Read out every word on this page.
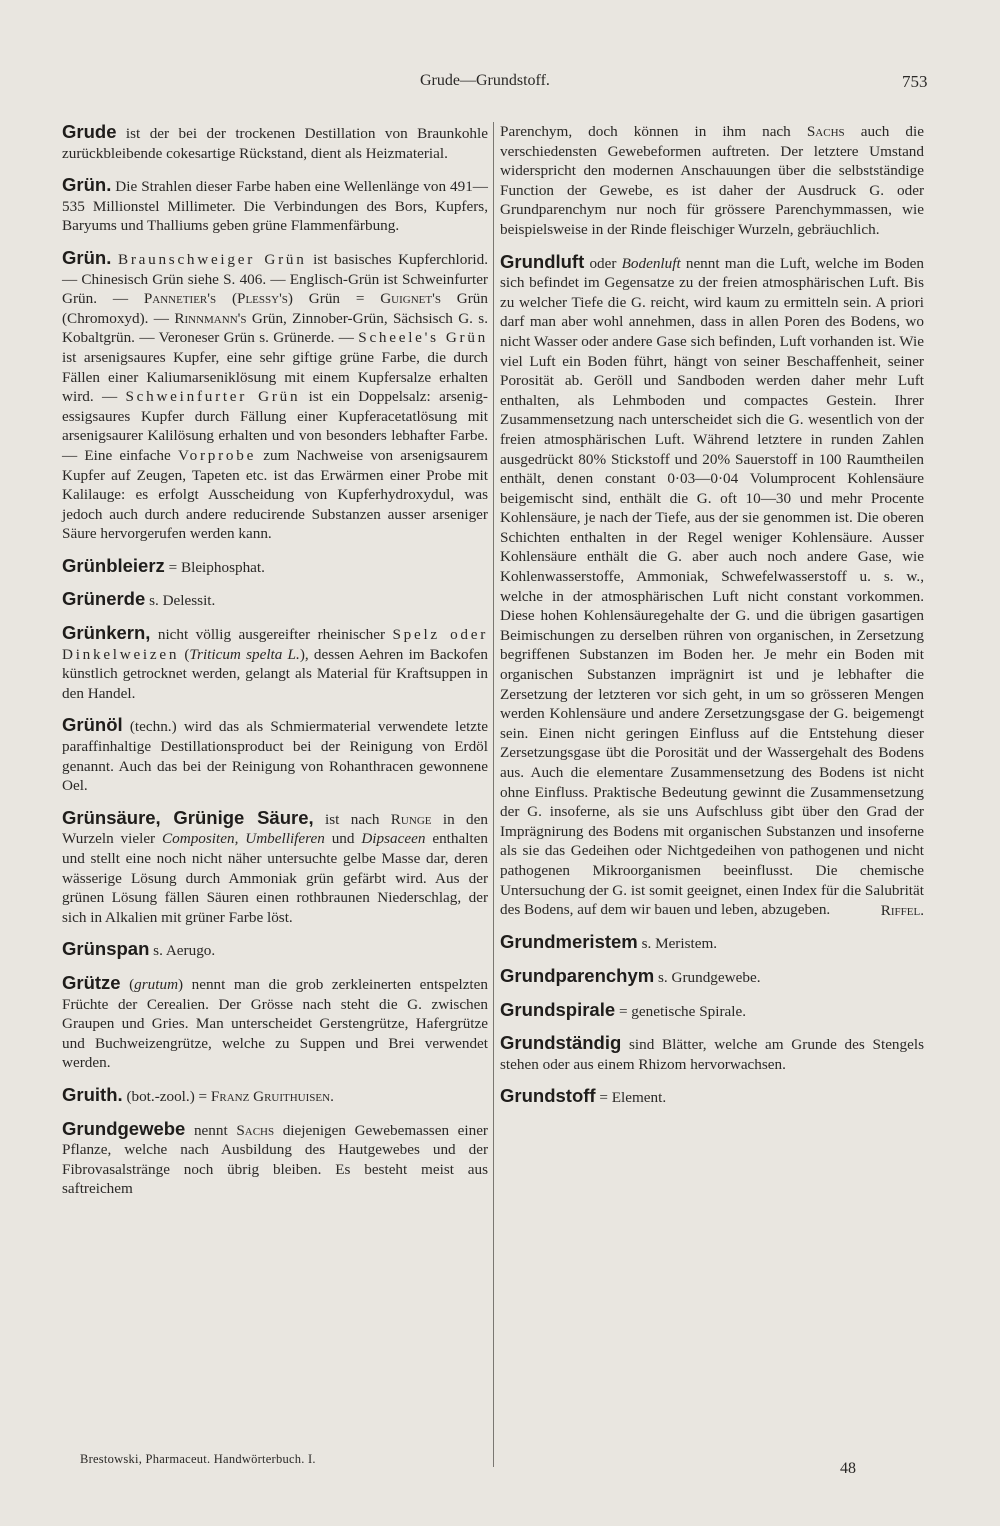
Grude—Grundstoff.	753

Grude ist der bei der trockenen Destillation von Braunkohle zurückbleibende cokesartige Rückstand, dient als Heizmaterial.

Grün. Die Strahlen dieser Farbe haben eine Wellenlänge von 491—535 Millionstel Millimeter. Die Verbindungen des Bors, Kupfers, Baryums und Thalliums geben grüne Flammenfärbung.

Grün. Braunschweiger Grün ist basisches Kupferchlorid. — Chinesisch Grün siehe S. 406. — Englisch-Grün ist Schweinfurter Grün. — Pannetier's (Plessy's) Grün = Guignet's Grün (Chromoxyd). — Rinnmann's Grün, Zinnober-Grün, Sächsisch G. s. Kobaltgrün. — Veroneser Grün s. Grünerde. — Scheele's Grün ist arsenigsaures Kupfer, eine sehr giftige grüne Farbe, die durch Fällen einer Kaliumarseniklösung mit einem Kupfersalze erhalten wird. — Schweinfurter Grün ist ein Doppelsalz: arsenig-essigsaures Kupfer durch Fällung einer Kupferacetatlösung mit arsenigsaurer Kalilösung erhalten und von besonders lebhafter Farbe. — Eine einfache Vorprobe zum Nachweise von arsenigsaurem Kupfer auf Zeugen, Tapeten etc. ist das Erwärmen einer Probe mit Kalilauge: es erfolgt Ausscheidung von Kupferhydroxydul, was jedoch auch durch andere reducirende Substanzen ausser arseniger Säure hervorgerufen werden kann.

Grünbleierz = Bleiphosphat.

Grünerde s. Delessit.

Grünkern, nicht völlig ausgereifter rheinischer Spelz oder Dinkelweizen (Triticum spelta L.), dessen Aehren im Backofen künstlich getrocknet werden, gelangt als Material für Kraftsuppen in den Handel.

Grünöl (techn.) wird das als Schmiermaterial verwendete letzte paraffinhaltige Destillationsproduct bei der Reinigung von Erdöl genannt. Auch das bei der Reinigung von Rohanthracen gewonnene Oel.

Grünsäure, Grünige Säure, ist nach Runge in den Wurzeln vieler Compositen, Umbelliferen und Dipsaceen enthalten und stellt eine noch nicht näher untersuchte gelbe Masse dar, deren wässerige Lösung durch Ammoniak grün gefärbt wird. Aus der grünen Lösung fällen Säuren einen rothbraunen Niederschlag, der sich in Alkalien mit grüner Farbe löst.

Grünspan s. Aerugo.

Grütze (grutum) nennt man die grob zerkleinerten entspelzten Früchte der Cerealien. Der Grösse nach steht die G. zwischen Graupen und Gries. Man unterscheidet Gerstengrütze, Hafergrütze und Buchweizengrütze, welche zu Suppen und Brei verwendet werden.

Gruith. (bot.-zool.) = Franz Gruithuisen.

Grundgewebe nennt Sachs diejenigen Gewebemassen einer Pflanze, welche nach Ausbildung des Hautgewebes und der Fibrovasalstränge noch übrig bleiben. Es besteht meist aus saftreichem

Parenchym, doch können in ihm nach Sachs auch die verschiedensten Gewebeformen auftreten. Der letztere Umstand widerspricht den modernen Anschauungen über die selbstständige Function der Gewebe, es ist daher der Ausdruck G. oder Grundparenchym nur noch für grössere Parenchymmassen, wie beispielsweise in der Rinde fleischiger Wurzeln, gebräuchlich.

Grundluft oder Bodenluft nennt man die Luft, welche im Boden sich befindet im Gegensatze zu der freien atmosphärischen Luft. Bis zu welcher Tiefe die G. reicht, wird kaum zu ermitteln sein. A priori darf man aber wohl annehmen, dass in allen Poren des Bodens, wo nicht Wasser oder andere Gase sich befinden, Luft vorhanden ist. Wie viel Luft ein Boden führt, hängt von seiner Beschaffenheit, seiner Porosität ab. Geröll und Sandboden werden daher mehr Luft enthalten, als Lehmboden und compactes Gestein. Ihrer Zusammensetzung nach unterscheidet sich die G. wesentlich von der freien atmosphärischen Luft. Während letztere in runden Zahlen ausgedrückt 80% Stickstoff und 20% Sauerstoff in 100 Raumtheilen enthält, denen constant 0·03—0·04 Volumprocent Kohlensäure beigemischt sind, enthält die G. oft 10—30 und mehr Procente Kohlensäure, je nach der Tiefe, aus der sie genommen ist. Die oberen Schichten enthalten in der Regel weniger Kohlensäure. Ausser Kohlensäure enthält die G. aber auch noch andere Gase, wie Kohlenwasserstoffe, Ammoniak, Schwefelwasserstoff u. s. w., welche in der atmosphärischen Luft nicht constant vorkommen. Diese hohen Kohlensäuregehalte der G. und die übrigen gasartigen Beimischungen zu derselben rühren von organischen, in Zersetzung begriffenen Substanzen im Boden her. Je mehr ein Boden mit organischen Substanzen imprägnirt ist und je lebhafter die Zersetzung der letzteren vor sich geht, in um so grösseren Mengen werden Kohlensäure und andere Zersetzungsgase der G. beigemengt sein. Einen nicht geringen Einfluss auf die Entstehung dieser Zersetzungsgase übt die Porosität und der Wassergehalt des Bodens aus. Auch die elementare Zusammensetzung des Bodens ist nicht ohne Einfluss. Praktische Bedeutung gewinnt die Zusammensetzung der G. insoferne, als sie uns Aufschluss gibt über den Grad der Imprägnirung des Bodens mit organischen Substanzen und insoferne als sie das Gedeihen oder Nichtgedeihen von pathogenen und nicht pathogenen Mikroorganismen beeinflusst. Die chemische Untersuchung der G. ist somit geeignet, einen Index für die Salubrität des Bodens, auf dem wir bauen und leben, abzugeben.	Riffel.

Grundmeristem s. Meristem.

Grundparenchym s. Grundgewebe.

Grundspirale = genetische Spirale.

Grundständig sind Blätter, welche am Grunde des Stengels stehen oder aus einem Rhizom hervorwachsen.

Grundstoff = Element.

Brestowski, Pharmaceut. Handwörterbuch. I.
48
